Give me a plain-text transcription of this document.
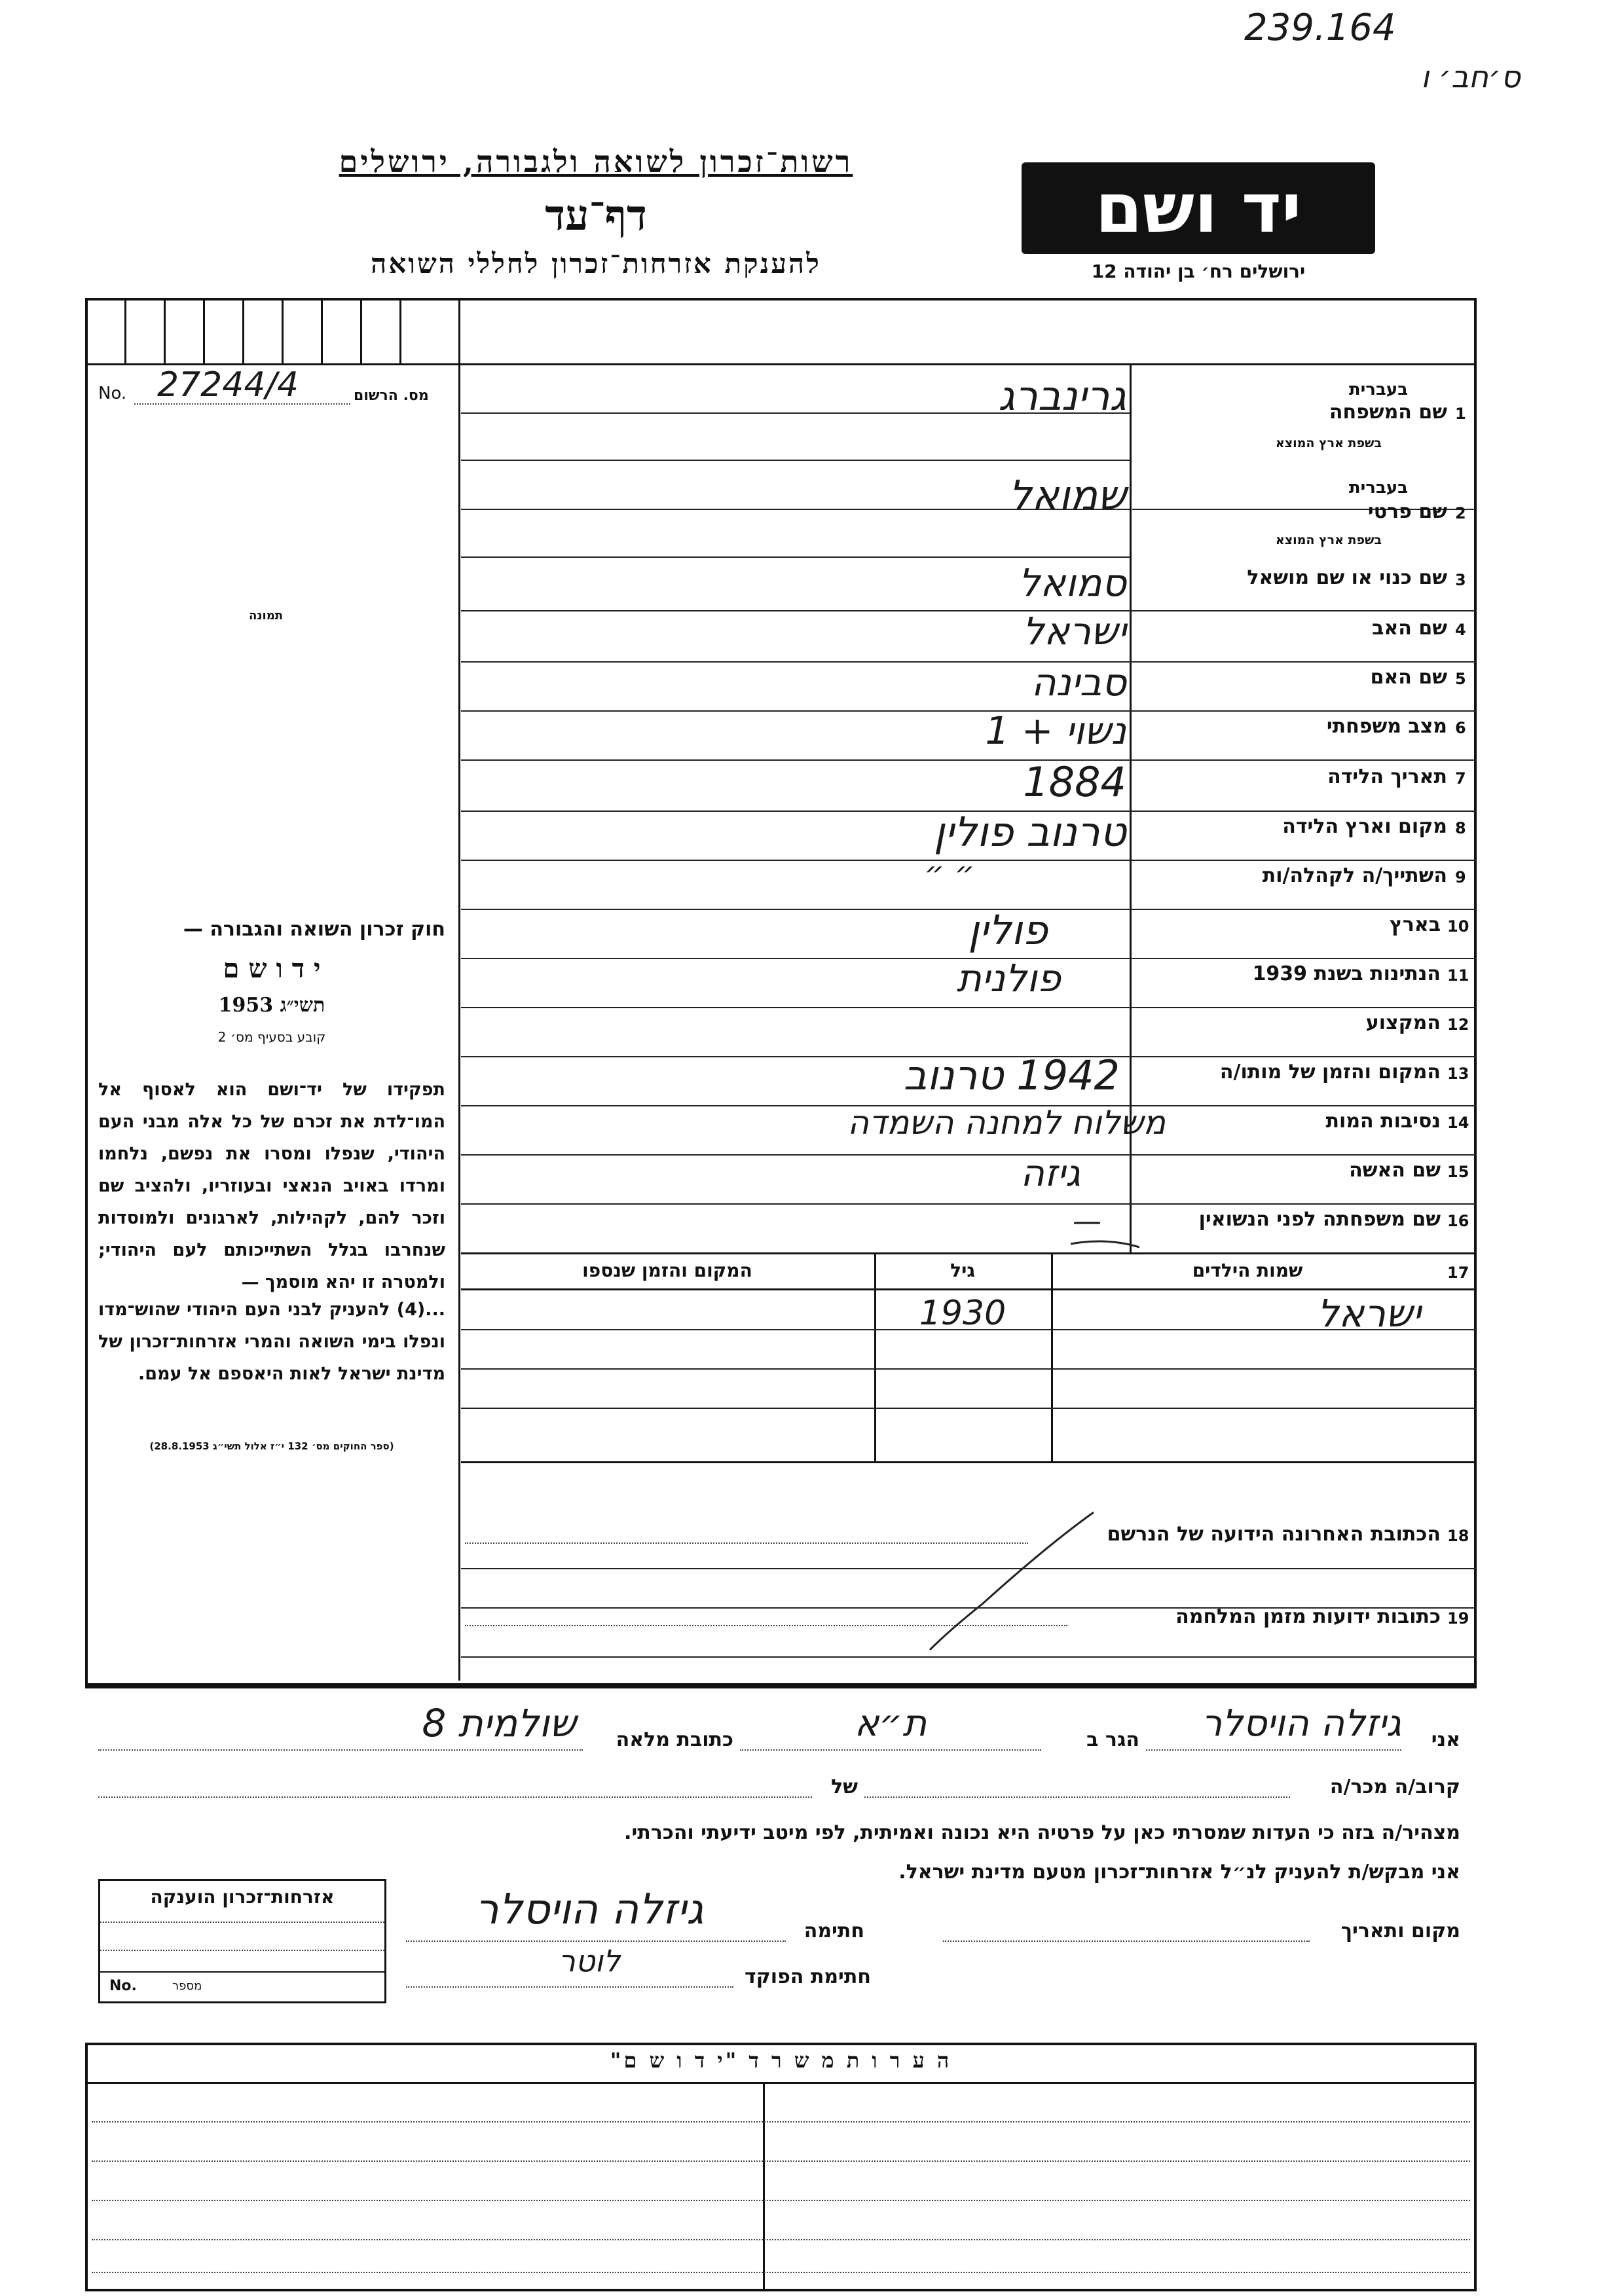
239.164
ס׳חב׳ ו
רשות־זכרון לשואה ולגבורה, ירושלים
דף־עד
להענקת אזרחות־זכרון לחללי השואה
יד ושם
ירושלים רח׳ בן יהודה 12
No. 27244/4	מס. הרשום
תמונה
חוק זכרון השואה והגבורה —
י ד ו ש ם
תשי״ג 1953
קובע בסעיף מס׳ 2
תפקידו של יד־ושם הוא לאסוף אל המו־לדת את זכרם של כל אלה מבני העם היהודי, שנפלו ומסרו את נפשם, נלחמו ומרדו באויב הנאצי ובעוזריו, ולהציב שם וזכר להם, לקהילות, לארגונים ולמוסדות שנחרבו בגלל השתייכותם לעם היהודי; ולמטרה זו יהא מוסמך —
...(4) להעניק לבני העם היהודי שהוש־מדו ונפלו בימי השואה והמרי אזרחות־זכרון של מדינת ישראל לאות היאספם אל עמם.
(ספר החוקים מס׳ 132 י״ז אלול תשי״ג 28.8.1953)
1
שם המשפחה
בעברית
בשפת ארץ המוצא
גרינברג
2
שם פרטי
בעברית
בשפת ארץ המוצא
שמואל
3
שם כנוי או שם מושאל
סמואל
4
שם האב
ישראל
5
שם האם
סבינה
6
מצב משפחתי
נשוי + 1
7
תאריך הלידה
1884
8
מקום וארץ הלידה
טרנוב פולין
9
השתייך/ה לקהלה/ות
״ ״
10
בארץ
פולין
11
הנתינות בשנת 1939
פולנית
12
המקצוע
13
המקום והזמן של מותו/ה
1942 טרנוב
14
נסיבות המות
משלוח למחנה השמדה
15
שם האשה
גיזה
16
שם משפחתה לפני הנשואין
—
17
שמות הילדים
גיל
המקום והזמן שנספו
ישראל
1930
18
הכתובת האחרונה הידועה של הנרשם
19
כתובות ידועות מזמן המלחמה
אני
גיזלה הויסלר
הגר ב
ת״א
כתובת מלאה
שולמית 8
קרוב/ה מכר/ה
של
מצהיר/ה בזה כי העדות שמסרתי כאן על פרטיה היא נכונה ואמיתית, לפי מיטב ידיעתי והכרתי.
אני מבקש/ת להעניק לנ״ל אזרחות־זכרון מטעם מדינת ישראל.
מקום ותאריך
חתימה
גיזלה הויסלר
חתימת הפוקד
לוטר
אזרחות־זכרון הוענקה
No.	מספר
ה ע ר ו ת מ ש ר ד "י ד ו ש ם"
